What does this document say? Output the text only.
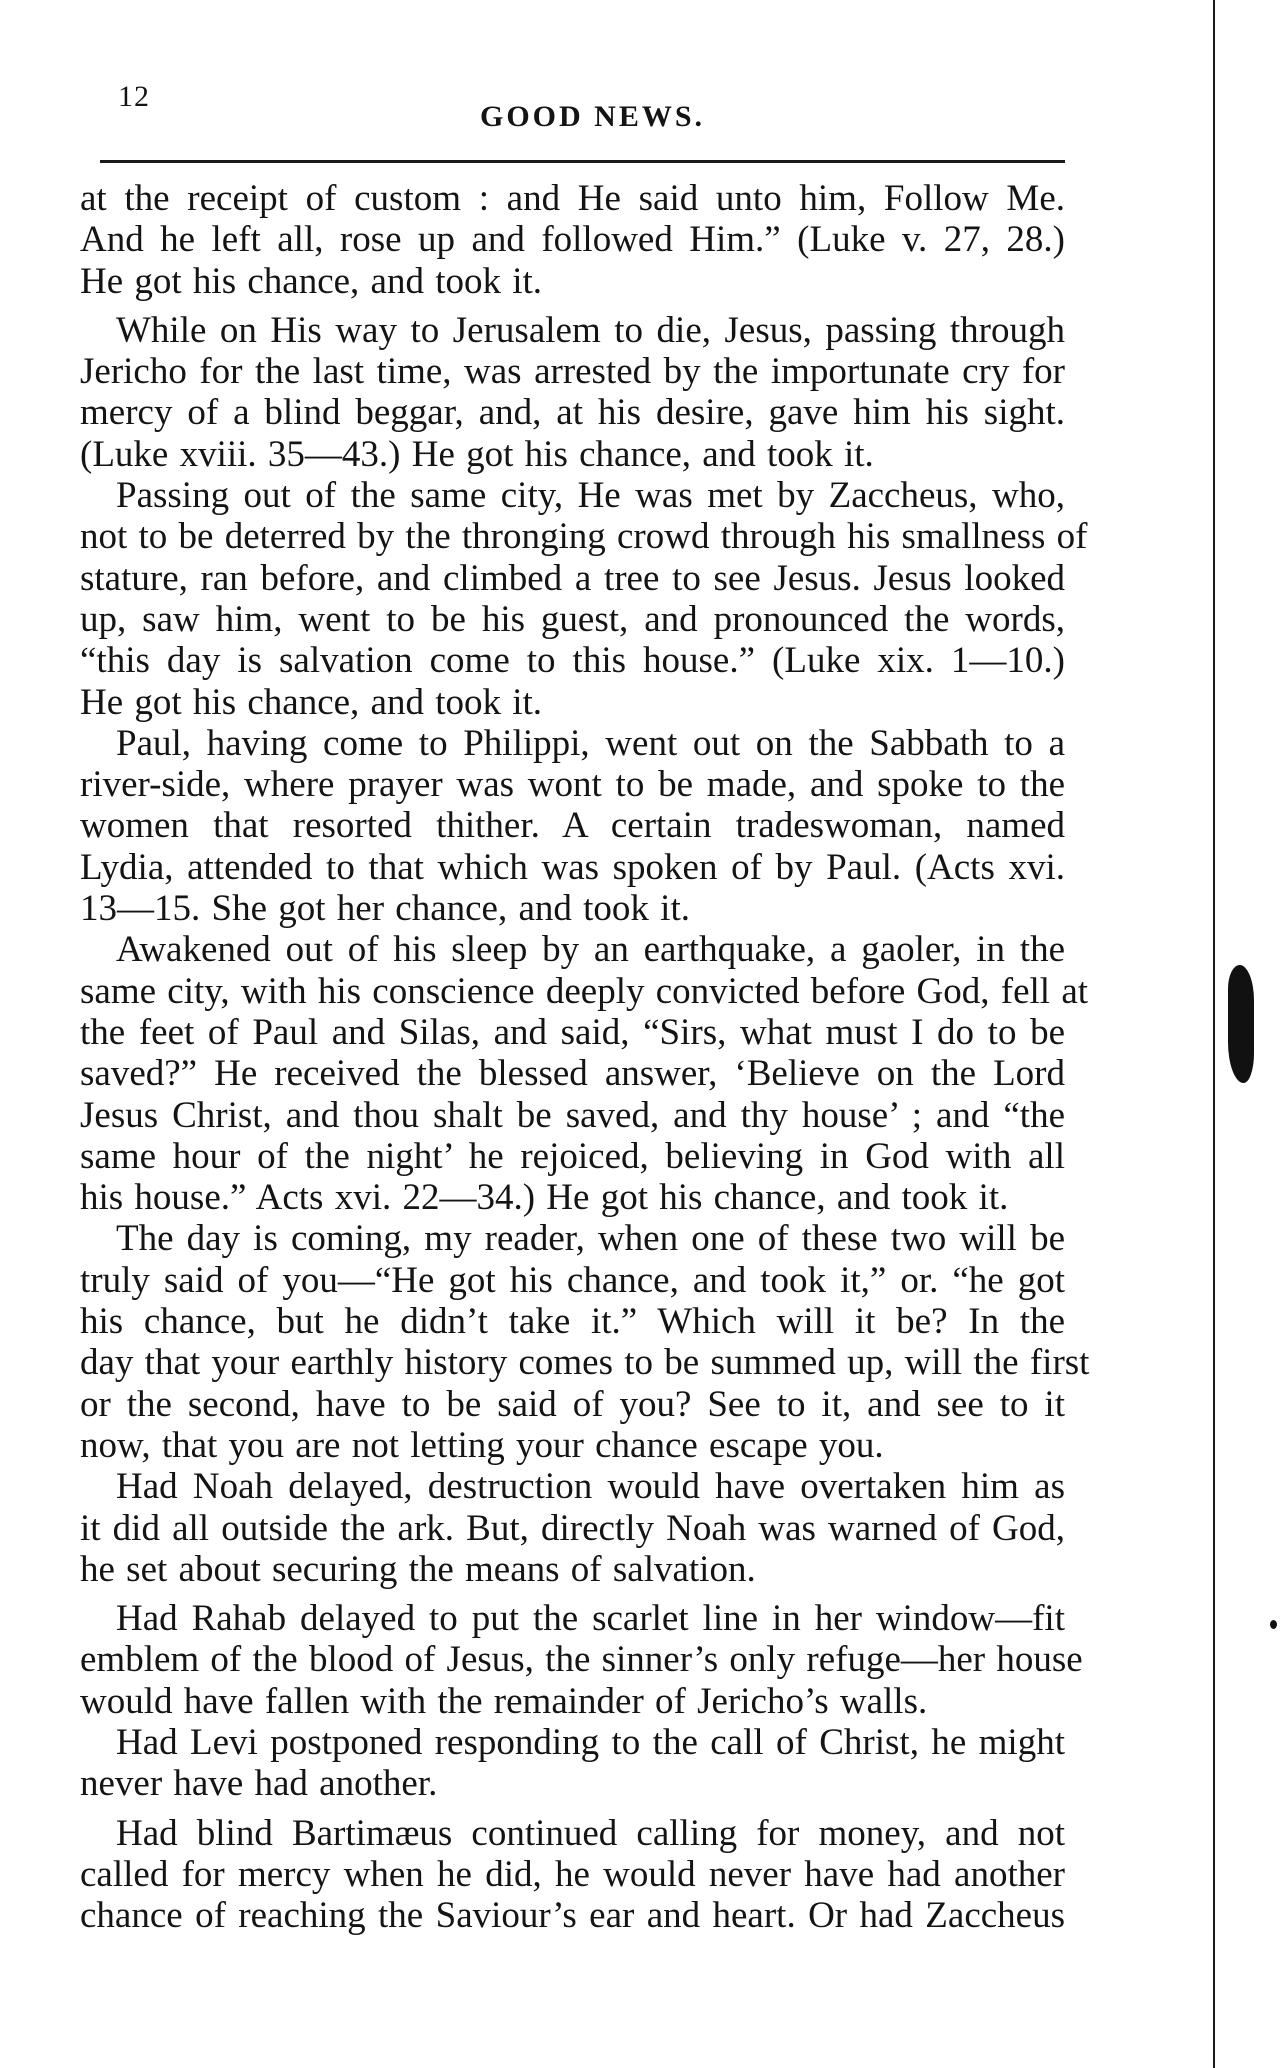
12
GOOD NEWS.
at the receipt of custom : and He said unto him, Follow Me.
And he left all, rose up and followed Him.” (Luke v. 27, 28.)
He got his chance, and took it.
While on His way to Jerusalem to die, Jesus, passing through
Jericho for the last time, was arrested by the importunate cry for
mercy of a blind beggar, and, at his desire, gave him his sight.
(Luke xviii. 35—43.) He got his chance, and took it.
Passing out of the same city, He was met by Zaccheus, who,
not to be deterred by the thronging crowd through his smallness of
stature, ran before, and climbed a tree to see Jesus. Jesus looked
up, saw him, went to be his guest, and pronounced the words,
“this day is salvation come to this house.” (Luke xix. 1—10.)
He got his chance, and took it.
Paul, having come to Philippi, went out on the Sabbath to a
river-side, where prayer was wont to be made, and spoke to the
women that resorted thither. A certain tradeswoman, named
Lydia, attended to that which was spoken of by Paul. (Acts xvi.
13—15. She got her chance, and took it.
Awakened out of his sleep by an earthquake, a gaoler, in the
same city, with his conscience deeply convicted before God, fell at
the feet of Paul and Silas, and said, “Sirs, what must I do to be
saved?” He received the blessed answer, ‘Believe on the Lord
Jesus Christ, and thou shalt be saved, and thy house’ ; and “the
same hour of the night’ he rejoiced, believing in God with all
his house.” Acts xvi. 22—34.) He got his chance, and took it.
The day is coming, my reader, when one of these two will be
truly said of you—“He got his chance, and took it,” or. “he got
his chance, but he didn’t take it.” Which will it be? In the
day that your earthly history comes to be summed up, will the first
or the second, have to be said of you? See to it, and see to it
now, that you are not letting your chance escape you.
Had Noah delayed, destruction would have overtaken him as
it did all outside the ark. But, directly Noah was warned of God,
he set about securing the means of salvation.
Had Rahab delayed to put the scarlet line in her window—fit
emblem of the blood of Jesus, the sinner’s only refuge—her house
would have fallen with the remainder of Jericho’s walls.
Had Levi postponed responding to the call of Christ, he might
never have had another.
Had blind Bartimæus continued calling for money, and not
called for mercy when he did, he would never have had another
chance of reaching the Saviour’s ear and heart. Or had Zaccheus
